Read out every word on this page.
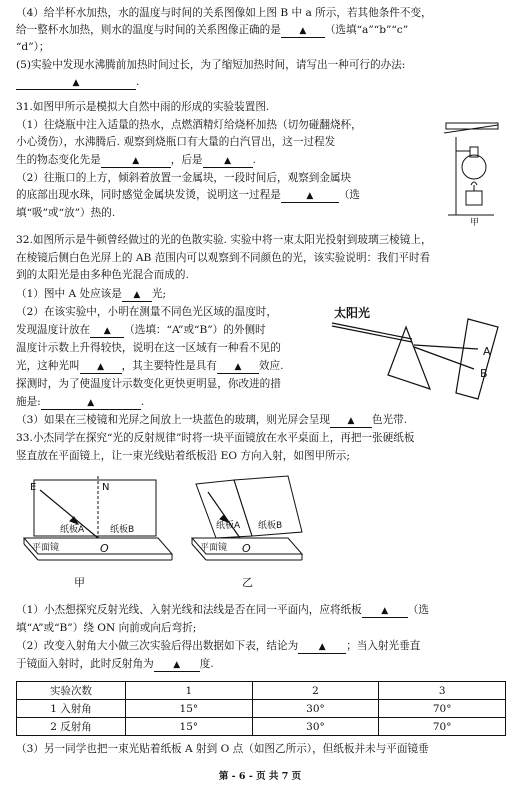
（4）给半杯水加热，水的温度与时间的关系图像如上图 B 中 a 所示，若其他条件不变，
给一整杯水加热，则水的温度与时间的关系图像正确的是 ▲ （选填“a”“b”“c”
“d”）；
(5)实验中发现水沸腾前加热时间过长，为了缩短加热时间，请写出一种可行的办法:
▲	.
31.如图甲所示是模拟大自然中雨的形成的实验装置图.
（1）往烧瓶中注入适量的热水，点燃酒精灯给烧杯加热（切勿碰翻烧杯，
小心烫伤），水沸腾后. 观察到烧瓶口有大量的白汽冒出，这一过程发
生的物态变化先是	▲	，后是 ▲ .
（2）往瓶口的上方，倾斜着放置一金属块，一段时间后，观察到金属块
的底部出现水珠，同时感觉金属块发烫，说明这一过程是	▲ （选
填“吸”或“放”）热的.
甲
32.如图所示是牛顿曾经做过的光的色散实验. 实验中将一束太阳光投射到玻璃三棱镜上，
在棱镜后侧白色光屏上的 AB 范围内可以观察到不同颜色的光，该实验说明：我们平时看
到的太阳光是由多种色光混合而成的.
（1）图中 A 处应该是 ▲ 光;
（2）在该实验中，小明在测量不同色光区域的温度时，
发现温度计放在 ▲ （选填：“A”或“B”）的外侧时
温度计示数上升得较快，说明在这一区域有一种看不见的
光，这种光叫 ▲ ，其主要特性是具有 ▲ 效应.
探测时，为了使温度计示数变化更快更明显，你改进的措
施是:	▲	.
（3）如果在三棱镜和光屏之间放上一块蓝色的玻璃，则光屏会呈现 ▲ 色光带.
太阳光
A
B
33.小杰同学在探究“光的反射规律”时将一块平面镜放在水平桌面上，再把一张硬纸板
竖直放在平面镜上，让一束光线贴着纸板沿 EO 方向入射，如图甲所示;
E	N
纸板A	纸板B
平面镜	O
甲
纸板A 纸板B
平面镜 O
乙
（1）小杰想探究反射光线、入射光线和法线是否在同一平面内，应将纸板 ▲ （选
填“A”或“B”）绕 ON 向前或向后弯折;
（2）改变入射角大小做三次实验后得出数据如下表，结论为 ▲ ；当入射光垂直
于镜面入射时，此时反射角为 ▲ 度.
实验次数	1	2	3
1 入射角	15°	30°	70°
2 反射角	15°	30°	70°
（3）另一同学也把一束光贴着纸板 A 射到 O 点（如图乙所示），但纸板并未与平面镜垂
第 - 6 - 页 共 7 页
